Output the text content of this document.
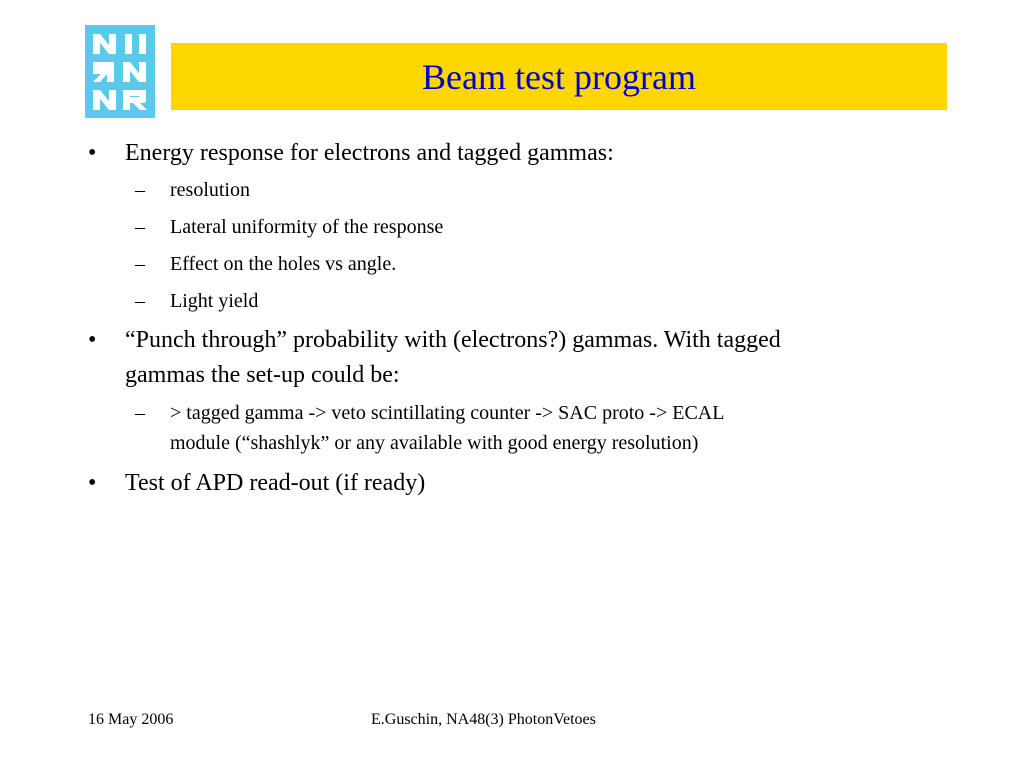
Beam test program
• Energy response for electrons and tagged gammas:
– resolution
– Lateral uniformity of the response
– Effect on the holes vs angle.
– Light yield
• “Punch through” probability with (electrons?) gammas. With tagged
gammas the set-up could be:
– > tagged gamma -> veto scintillating counter -> SAC proto -> ECAL
module (“shashlyk” or any available with good energy resolution)
• Test of APD read-out (if ready)
16 May 2006	E.Guschin, NA48(3) PhotonVetoes
